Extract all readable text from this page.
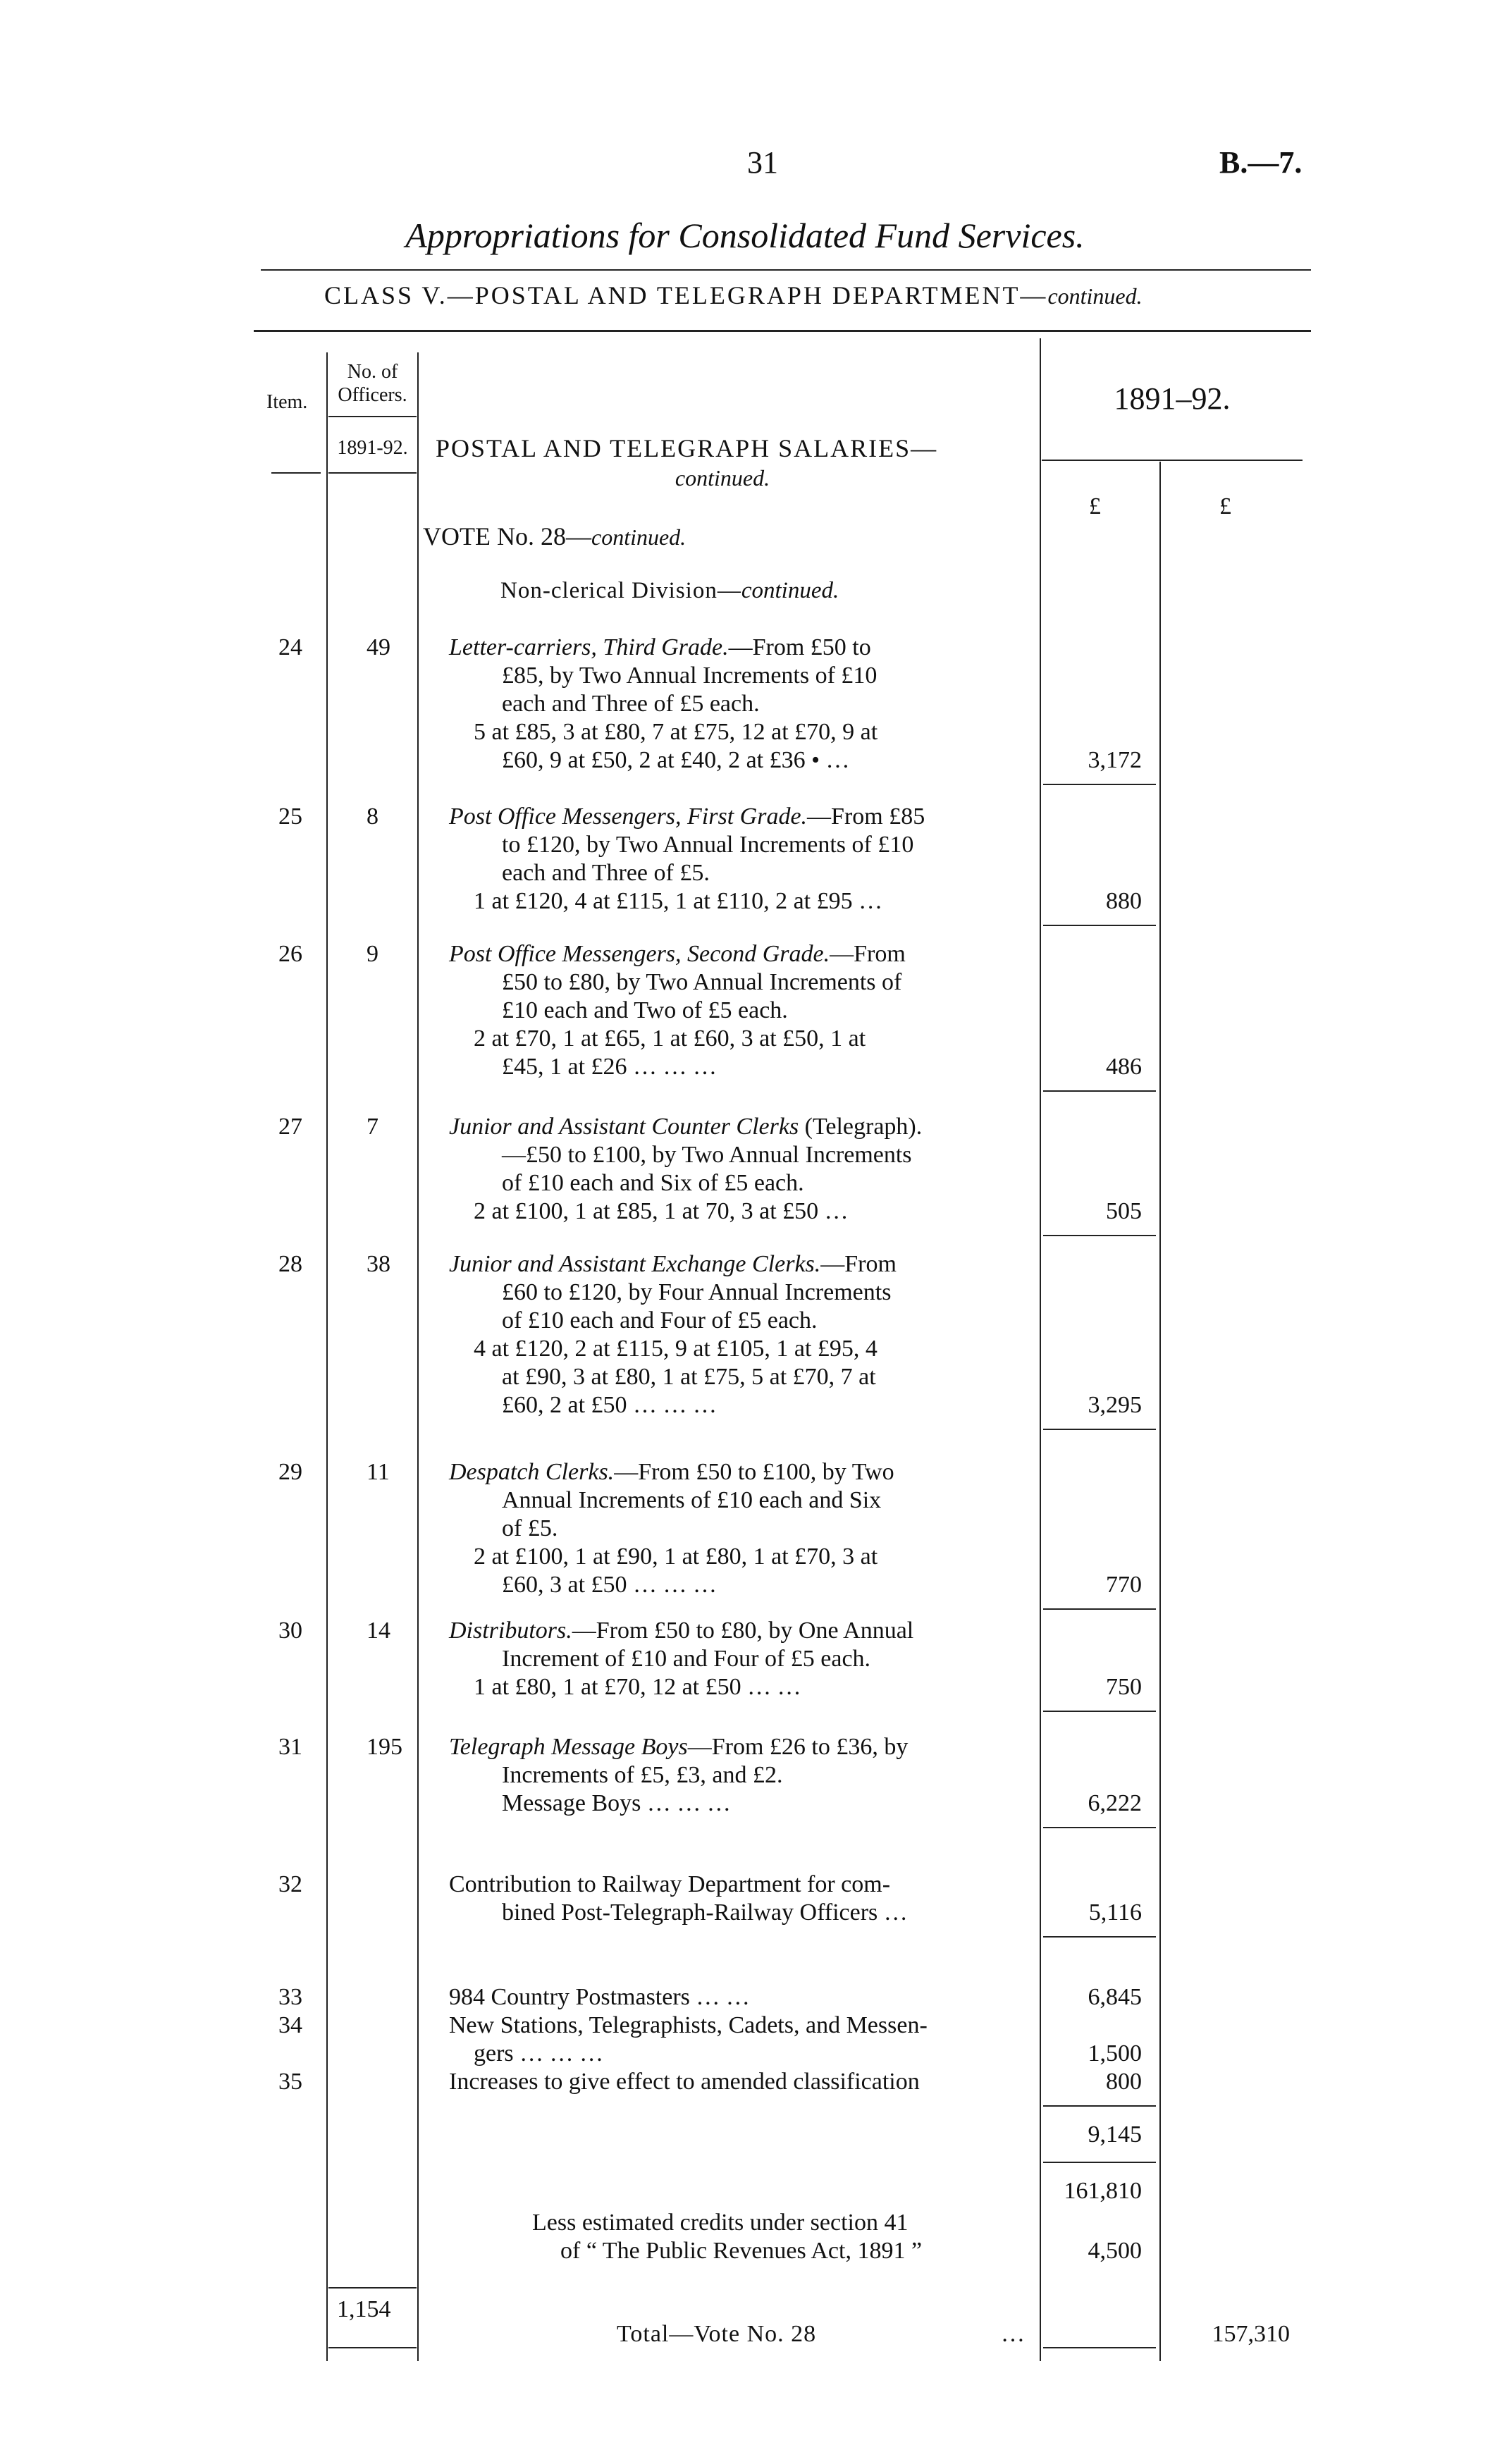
31	B.—7.
Appropriations for Consolidated Fund Services.
CLASS V.—POSTAL AND TELEGRAPH DEPARTMENT—continued.
Item.
No. of
Officers.
1891-92.
1891–92.
£	£
POSTAL AND TELEGRAPH SALARIES—
continued.
VOTE No. 28—continued.
Non-clerical Division—continued.
24	49 Letter-carriers, Third Grade.—From £50 to
£85, by Two Annual Increments of £10
each and Three of £5 each.
5 at £85, 3 at £80, 7 at £75, 12 at £70, 9 at
£60, 9 at £50, 2 at £40, 2 at £36 • …	3,172
25	8	Post Office Messengers, First Grade.—From £85
to £120, by Two Annual Increments of £10
each and Three of £5.
1 at £120, 4 at £115, 1 at £110, 2 at £95 …	880
26	9	Post Office Messengers, Second Grade.—From
£50 to £80, by Two Annual Increments of
£10 each and Two of £5 each.
2 at £70, 1 at £65, 1 at £60, 3 at £50, 1 at
£45, 1 at £26 … … …	486
27	7	Junior and Assistant Counter Clerks (Telegraph).
—£50 to £100, by Two Annual Increments
of £10 each and Six of £5 each.
2 at £100, 1 at £85, 1 at 70, 3 at £50 …	505
28	38 Junior and Assistant Exchange Clerks.—From
£60 to £120, by Four Annual Increments
of £10 each and Four of £5 each.
4 at £120, 2 at £115, 9 at £105, 1 at £95, 4
at £90, 3 at £80, 1 at £75, 5 at £70, 7 at
£60, 2 at £50 … … …	3,295
29	11 Despatch Clerks.—From £50 to £100, by Two
Annual Increments of £10 each and Six
of £5.
2 at £100, 1 at £90, 1 at £80, 1 at £70, 3 at
£60, 3 at £50 … … …	770
30	14 Distributors.—From £50 to £80, by One Annual
Increment of £10 and Four of £5 each.
1 at £80, 1 at £70, 12 at £50 … …	750
31	195 Telegraph Message Boys—From £26 to £36, by
Increments of £5, £3, and £2.
Message Boys … … …	6,222
32	Contribution to Railway Department for com-
bined Post-Telegraph-Railway Officers …	5,116
33	984 Country Postmasters … …	6,845
34	New Stations, Telegraphists, Cadets, and Messen-
gers … … …	1,500
35	Increases to give effect to amended classification	800
9,145
161,810
Less estimated credits under section 41
of “ The Public Revenues Act, 1891 ”	4,500
1,154
Total—Vote No. 28	…	157,310
